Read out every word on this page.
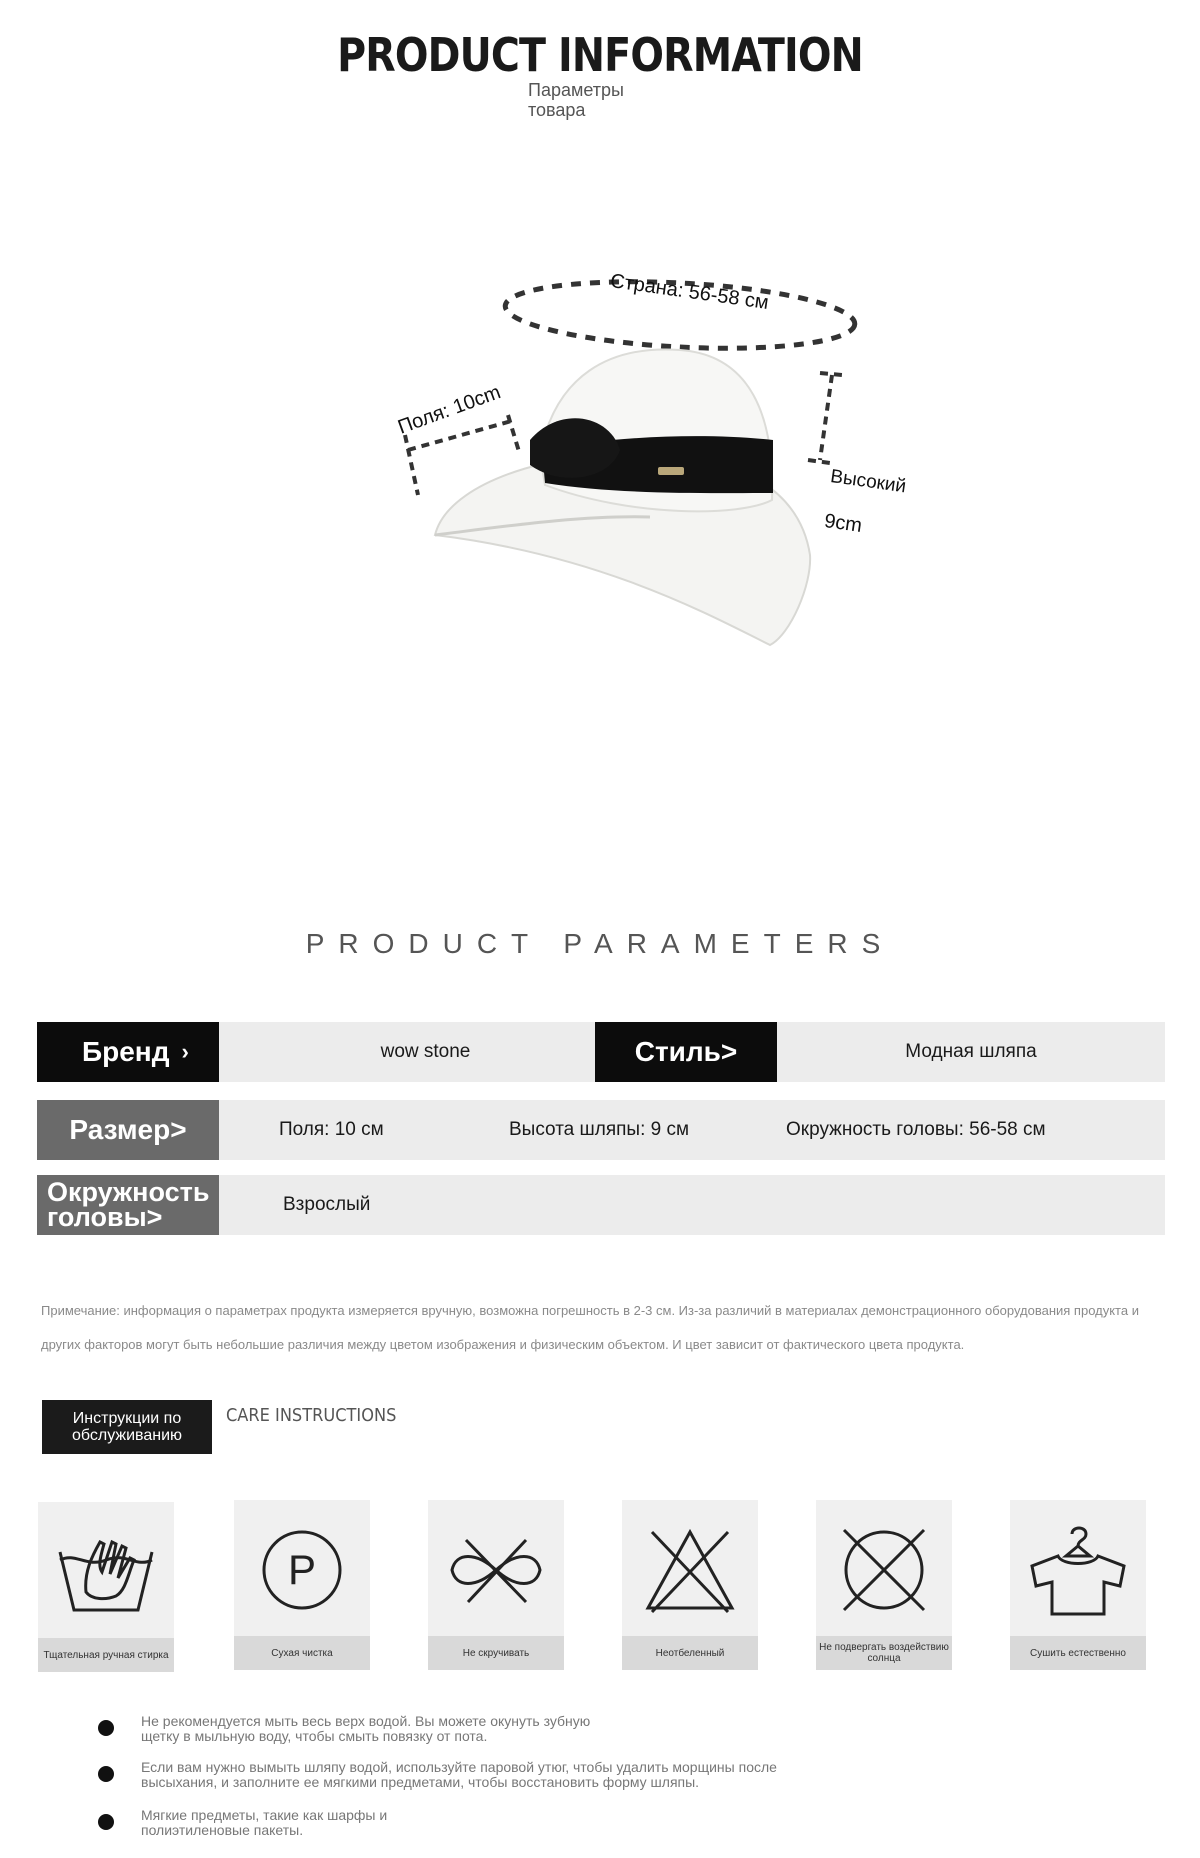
PRODUCT INFORMATION
Параметры товара
Страна: 56-58 см
Поля: 10cm
Высокий
9cm
PRODUCT PARAMETERS
Бренд ›	wow stone	Стиль>	Модная шляпа
Размер>	Поля: 10 см	Высота шляпы: 9 см	Окружность головы: 56-58 см
Окружность головы>	Взрослый
Примечание: информация о параметрах продукта измеряется вручную, возможна погрешность в 2-3 см. Из-за различий в материалах демонстрационного оборудования продукта и других факторов могут быть небольшие различия между цветом изображения и физическим объектом. И цвет зависит от фактического цвета продукта.
Инструкции по обслуживанию
CARE INSTRUCTIONS
Тщательная ручная стирка
P
Сухая чистка	Не скручивать	Неотбеленный	Не подвергать воздействию солнца	Сушить естественно
Не рекомендуется мыть весь верх водой. Вы можете окунуть зубную щетку в мыльную воду, чтобы смыть повязку от пота.
Если вам нужно вымыть шляпу водой, используйте паровой утюг, чтобы удалить морщины после высыхания, и заполните ее мягкими предметами, чтобы восстановить форму шляпы.
Мягкие предметы, такие как шарфы и полиэтиленовые пакеты.
